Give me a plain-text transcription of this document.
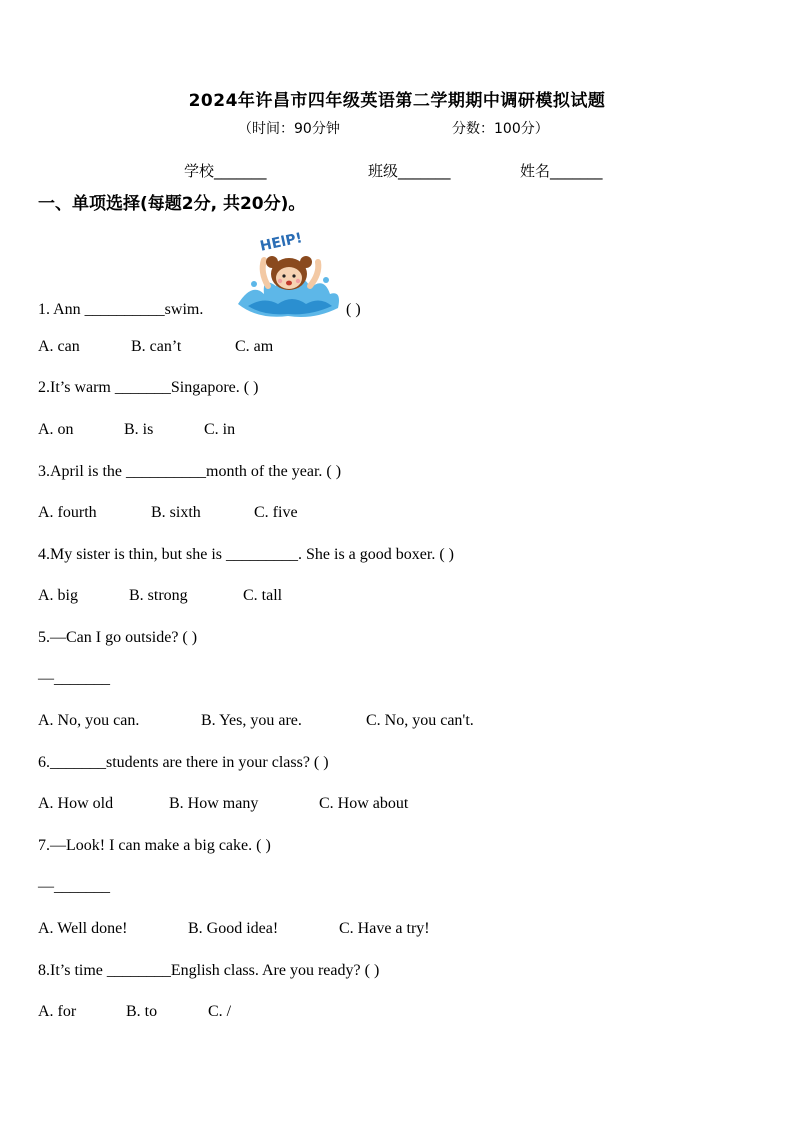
2024年许昌市四年级英语第二学期期中调研模拟试题
（时间：90分钟	分数：100分）
学校_______	班级_______	姓名_______
一、单项选择(每题2分, 共20分)。
HElP!
1. Ann __________swim.	( )
A. can	B. can’t	C. am
2.It’s warm _______Singapore. ( )
A. on	B. is	C. in
3.April is the __________month of the year. ( )
A. fourth	B. sixth	C. five
4.My sister is thin, but she is _________. She is a good boxer. ( )
A. big	B. strong	C. tall
5.—Can I go outside? ( )
—_______
A. No, you can.	B. Yes, you are.	C. No, you can't.
6._______students are there in your class? ( )
A. How old	B. How many	C. How about
7.—Look! I can make a big cake. ( )
—_______
A. Well done!	B. Good idea!	C. Have a try!
8.It’s time ________English class. Are you ready? ( )
A. for	B. to	C. /
